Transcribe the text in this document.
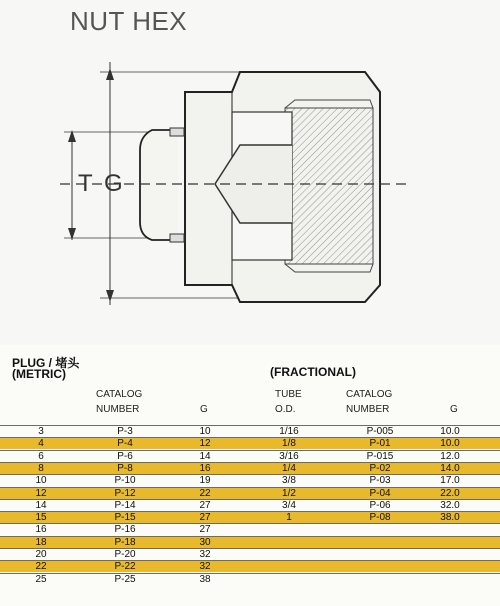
NUT HEX
T G
PLUG / 堵头
(METRIC)	(FRACTIONAL)
CATALOG
NUMBER	G
TUBE
O.D.
CATALOG
NUMBER	G
3	P-3	10	1/16	P-005	10.0
4	P-4	12	1/8	P-01	10.0
6	P-6	14	3/16	P-015	12.0
8	P-8	16	1/4	P-02	14.0
10	P-10	19	3/8	P-03	17.0
12	P-12	22	1/2	P-04	22.0
14	P-14	27	3/4	P-06	32.0
15	P-15	27	1	P-08	38.0
16	P-16	27
18	P-18	30
20	P-20	32
22	P-22	32
25	P-25	38
